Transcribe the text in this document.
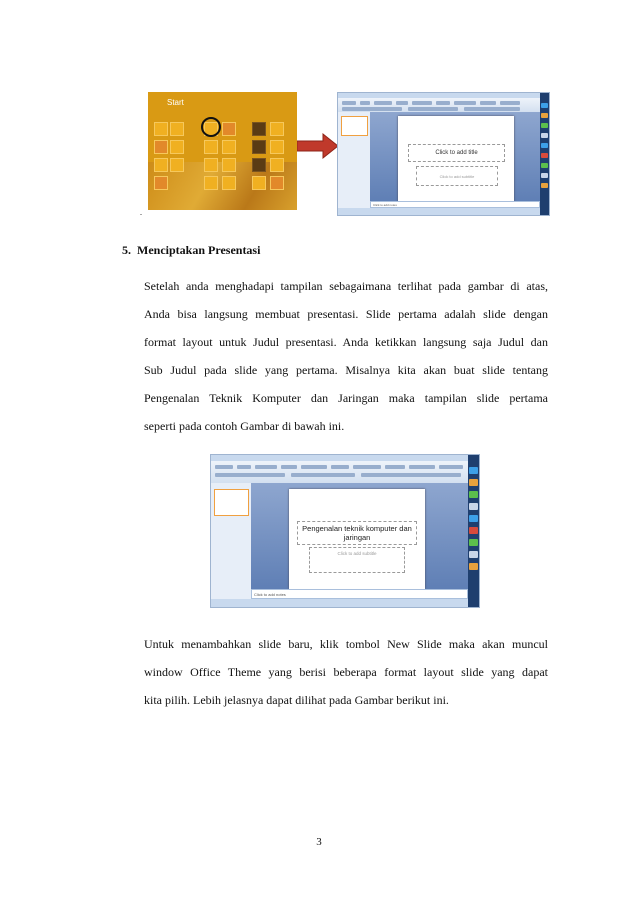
Start
.
Click to add title
Click to add subtitle
Click to add notes
5. Menciptakan Presentasi

Setelah anda menghadapi tampilan sebagaimana terlihat pada gambar di atas,
Anda bisa langsung membuat presentasi. Slide pertama adalah slide dengan
format layout untuk Judul presentasi. Anda ketikkan langsung saja Judul dan
Sub Judul pada slide yang pertama. Misalnya kita akan buat slide tentang
Pengenalan Teknik Komputer dan Jaringan maka tampilan slide pertama
seperti pada contoh Gambar di bawah ini.

Pengenalan teknik komputer dan jaringan
Click to add subtitle
Click to add notes

Untuk menambahkan slide baru, klik tombol New Slide maka akan muncul
window Office Theme yang berisi beberapa format layout slide yang dapat
kita pilih. Lebih jelasnya dapat dilihat pada Gambar berikut ini.

3
